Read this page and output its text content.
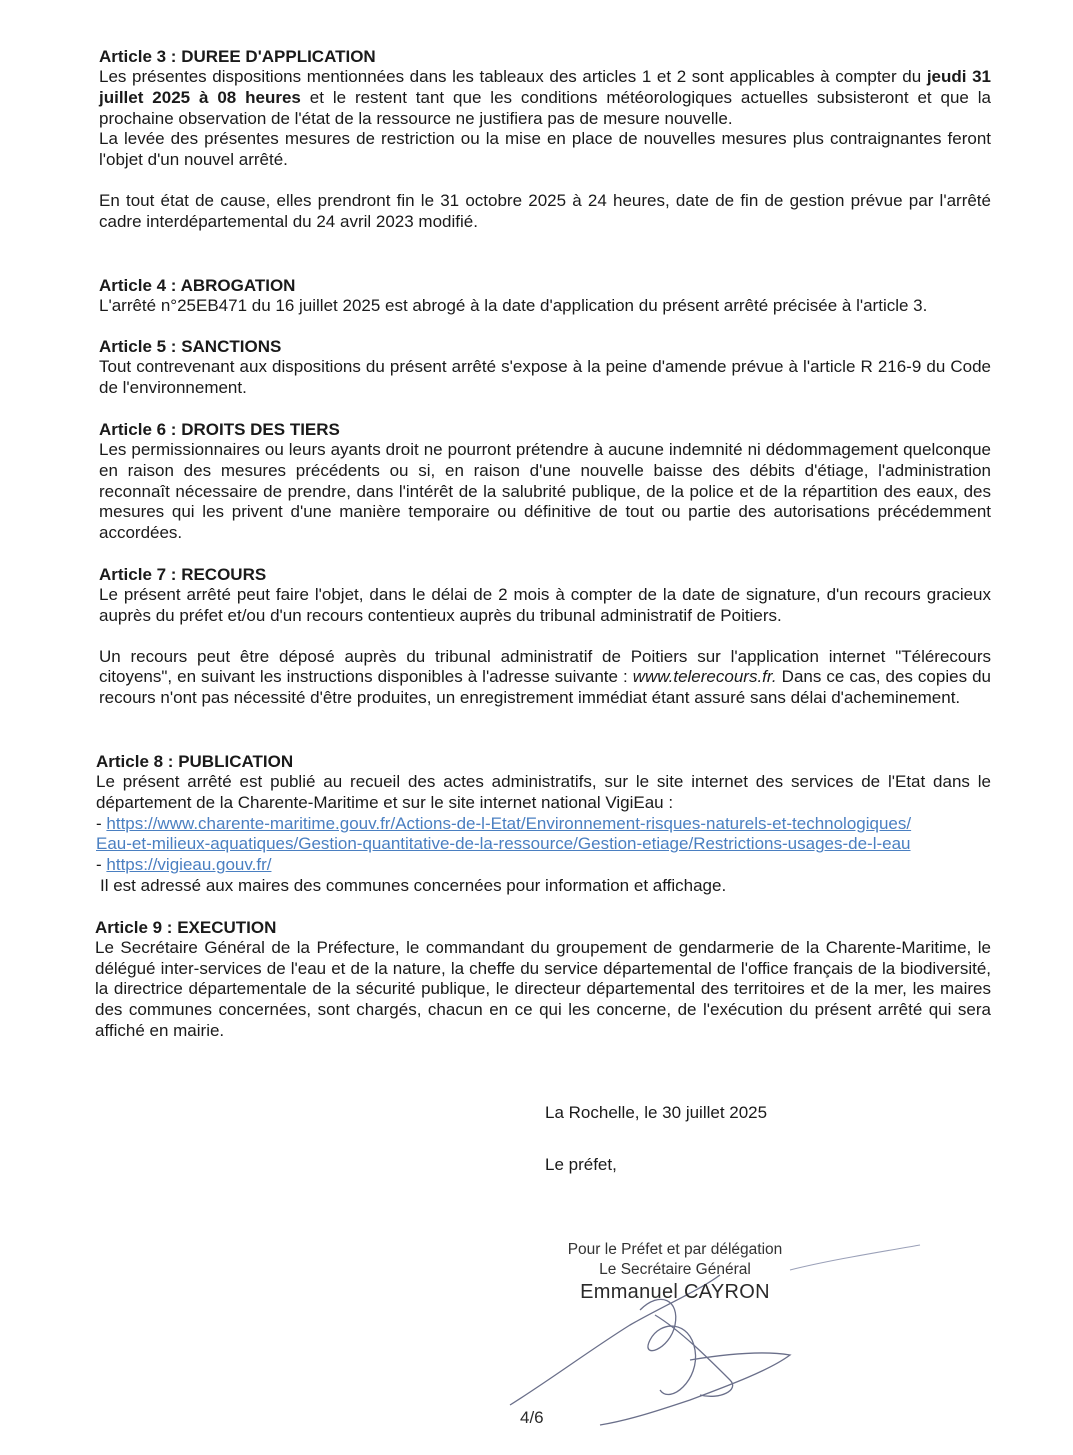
Article 3 : DUREE D'APPLICATION

Les présentes dispositions mentionnées dans les tableaux des articles 1 et 2 sont applicables à compter du jeudi 31 juillet 2025 à 08 heures et le restent tant que les conditions météorologiques actuelles subsisteront et que la prochaine observation de l'état de la ressource ne justifiera pas de mesure nouvelle.

La levée des présentes mesures de restriction ou la mise en place de nouvelles mesures plus contraignantes feront l'objet d'un nouvel arrêté.

En tout état de cause, elles prendront fin le 31 octobre 2025 à 24 heures, date de fin de gestion prévue par l'arrêté cadre interdépartemental du 24 avril 2023 modifié.

Article 4 : ABROGATION

L'arrêté n°25EB471 du 16 juillet 2025 est abrogé à la date d'application du présent arrêté précisée à l'article 3.

Article 5 : SANCTIONS

Tout contrevenant aux dispositions du présent arrêté s'expose à la peine d'amende prévue à l'article R 216-9 du Code de l'environnement.

Article 6 : DROITS DES TIERS

Les permissionnaires ou leurs ayants droit ne pourront prétendre à aucune indemnité ni dédommagement quelconque en raison des mesures précédents ou si, en raison d'une nouvelle baisse des débits d'étiage, l'administration reconnaît nécessaire de prendre, dans l'intérêt de la salubrité publique, de la police et de la répartition des eaux, des mesures qui les privent d'une manière temporaire ou définitive de tout ou partie des autorisations précédemment accordées.

Article 7 : RECOURS

Le présent arrêté peut faire l'objet, dans le délai de 2 mois à compter de la date de signature, d'un recours gracieux auprès du préfet et/ou d'un recours contentieux auprès du tribunal administratif de Poitiers.

Un recours peut être déposé auprès du tribunal administratif de Poitiers sur l'application internet "Télérecours citoyens", en suivant les instructions disponibles à l'adresse suivante : www.telerecours.fr. Dans ce cas, des copies du recours n'ont pas nécessité d'être produites, un enregistrement immédiat étant assuré sans délai d'acheminement.

Article 8 : PUBLICATION

Le présent arrêté est publié au recueil des actes administratifs, sur le site internet des services de l'Etat dans le département de la Charente-Maritime et sur le site internet national VigiEau :

- https://www.charente-maritime.gouv.fr/Actions-de-l-Etat/Environnement-risques-naturels-et-technologiques/
Eau-et-milieux-aquatiques/Gestion-quantitative-de-la-ressource/Gestion-etiage/Restrictions-usages-de-l-eau

- https://vigieau.gouv.fr/

Il est adressé aux maires des communes concernées pour information et affichage.

Article 9 : EXECUTION

Le Secrétaire Général de la Préfecture, le commandant du groupement de gendarmerie de la Charente-Maritime, le délégué inter-services de l'eau et de la nature, la cheffe du service départemental de l'office français de la biodiversité, la directrice départementale de la sécurité publique, le directeur départemental des territoires et de la mer, les maires des communes concernées, sont chargés, chacun en ce qui les concerne, de l'exécution du présent arrêté qui sera affiché en mairie.

La Rochelle, le 30 juillet 2025
Le préfet,
Pour le Préfet et par délégation
Le Secrétaire Général
Emmanuel CAYRON
4/6
